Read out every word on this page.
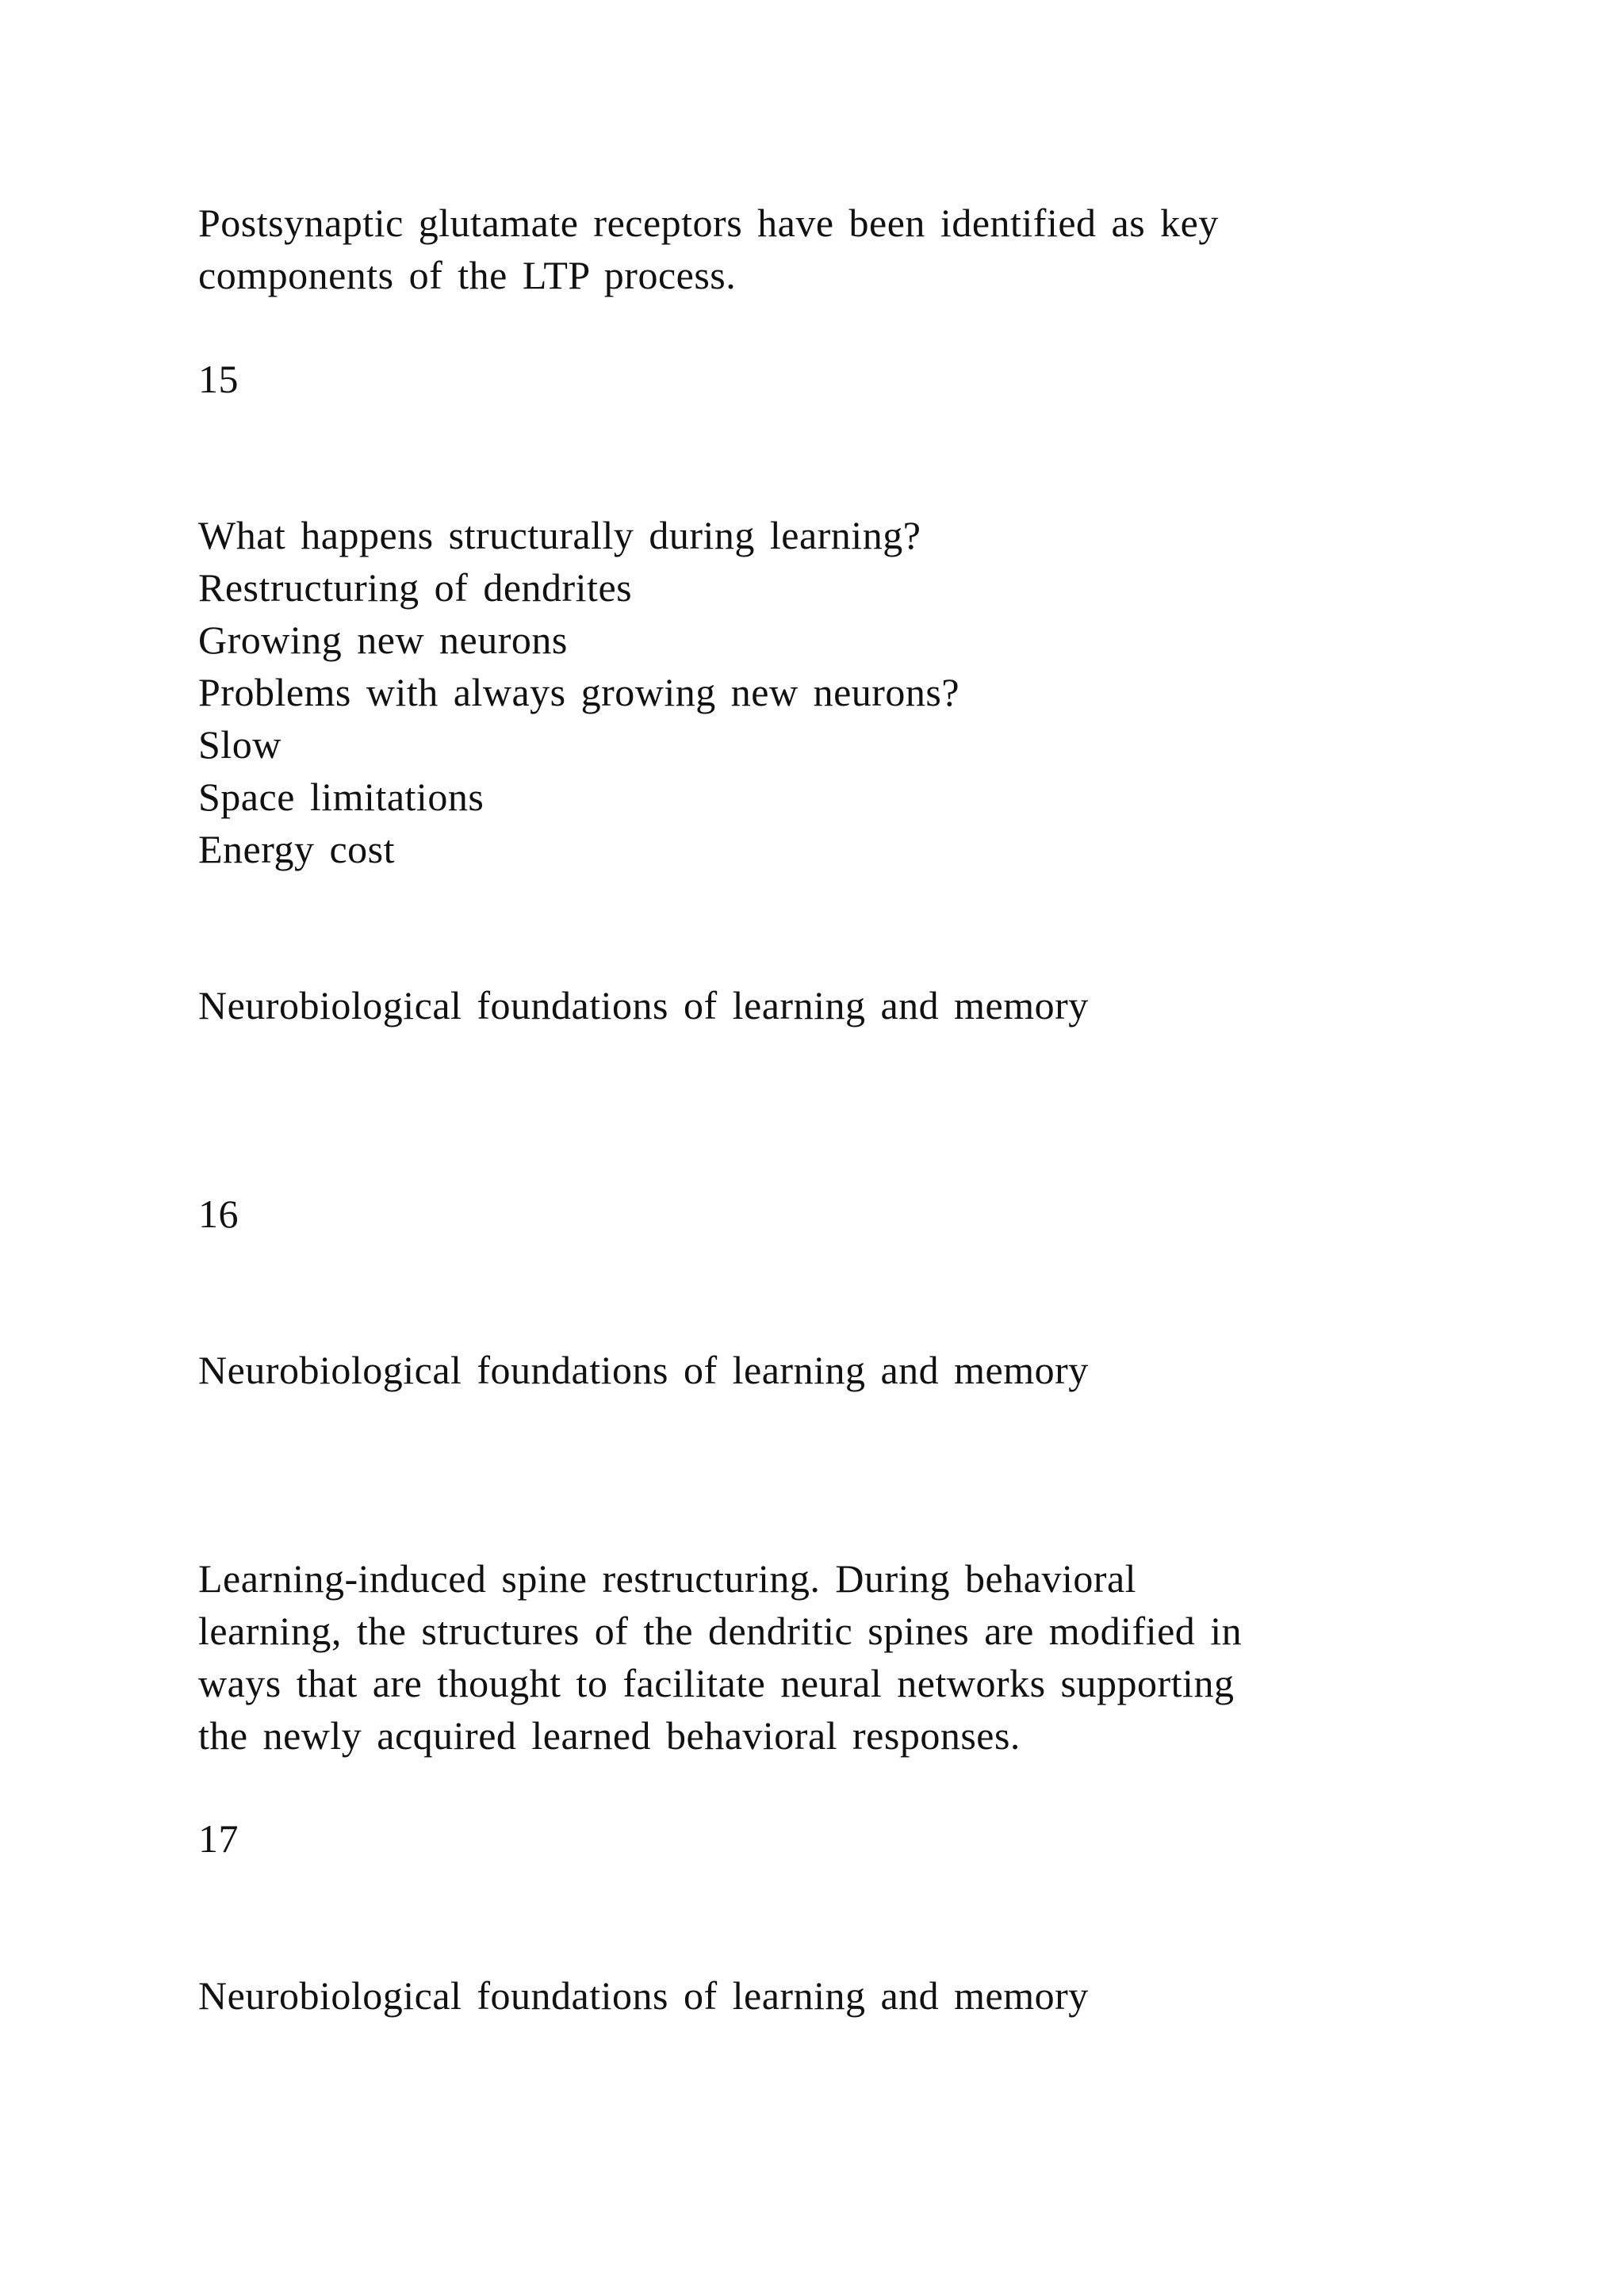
Postsynaptic glutamate receptors have been identified as key

components of the LTP process.

15

What happens structurally during learning?

Restructuring of dendrites

Growing new neurons

Problems with always growing new neurons?

Slow

Space limitations

Energy cost

Neurobiological foundations of learning and memory

16

Neurobiological foundations of learning and memory

Learning-induced spine restructuring. During behavioral

learning, the structures of the dendritic spines are modified in

ways that are thought to facilitate neural networks supporting

the newly acquired learned behavioral responses.

17

Neurobiological foundations of learning and memory
